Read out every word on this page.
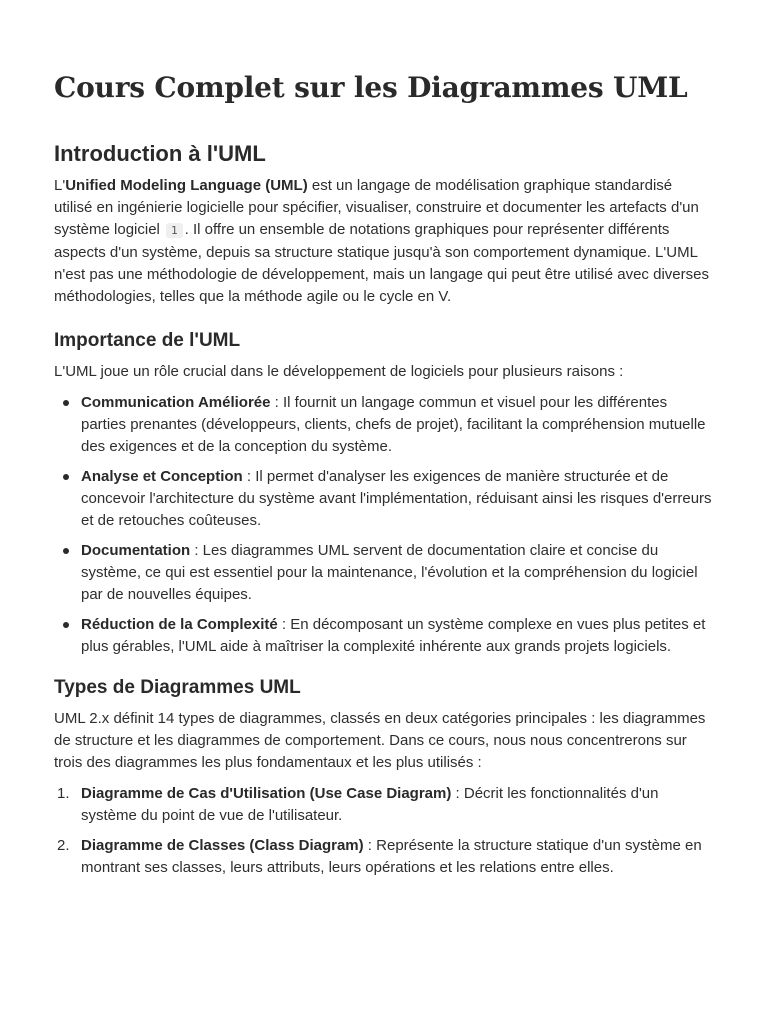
Cours Complet sur les Diagrammes UML
Introduction à l'UML

L'Unified Modeling Language (UML) est un langage de modélisation graphique standardisé utilisé en ingénierie logicielle pour spécifier, visualiser, construire et documenter les artefacts d'un système logiciel 1 . Il offre un ensemble de notations graphiques pour représenter différents aspects d'un système, depuis sa structure statique jusqu'à son comportement dynamique. L'UML n'est pas une méthodologie de développement, mais un langage qui peut être utilisé avec diverses méthodologies, telles que la méthode agile ou le cycle en V.

Importance de l'UML

L'UML joue un rôle crucial dans le développement de logiciels pour plusieurs raisons :

Communication Améliorée : Il fournit un langage commun et visuel pour les différentes parties prenantes (développeurs, clients, chefs de projet), facilitant la compréhension mutuelle des exigences et de la conception du système.
Analyse et Conception : Il permet d'analyser les exigences de manière structurée et de concevoir l'architecture du système avant l'implémentation, réduisant ainsi les risques d'erreurs et de retouches coûteuses.
Documentation : Les diagrammes UML servent de documentation claire et concise du système, ce qui est essentiel pour la maintenance, l'évolution et la compréhension du logiciel par de nouvelles équipes.
Réduction de la Complexité : En décomposant un système complexe en vues plus petites et plus gérables, l'UML aide à maîtriser la complexité inhérente aux grands projets logiciels.
Types de Diagrammes UML

UML 2.x définit 14 types de diagrammes, classés en deux catégories principales : les diagrammes de structure et les diagrammes de comportement. Dans ce cours, nous nous concentrerons sur trois des diagrammes les plus fondamentaux et les plus utilisés :

1. Diagramme de Cas d'Utilisation (Use Case Diagram) : Décrit les fonctionnalités d'un système du point de vue de l'utilisateur.
2. Diagramme de Classes (Class Diagram) : Représente la structure statique d'un système en montrant ses classes, leurs attributs, leurs opérations et les relations entre elles.
